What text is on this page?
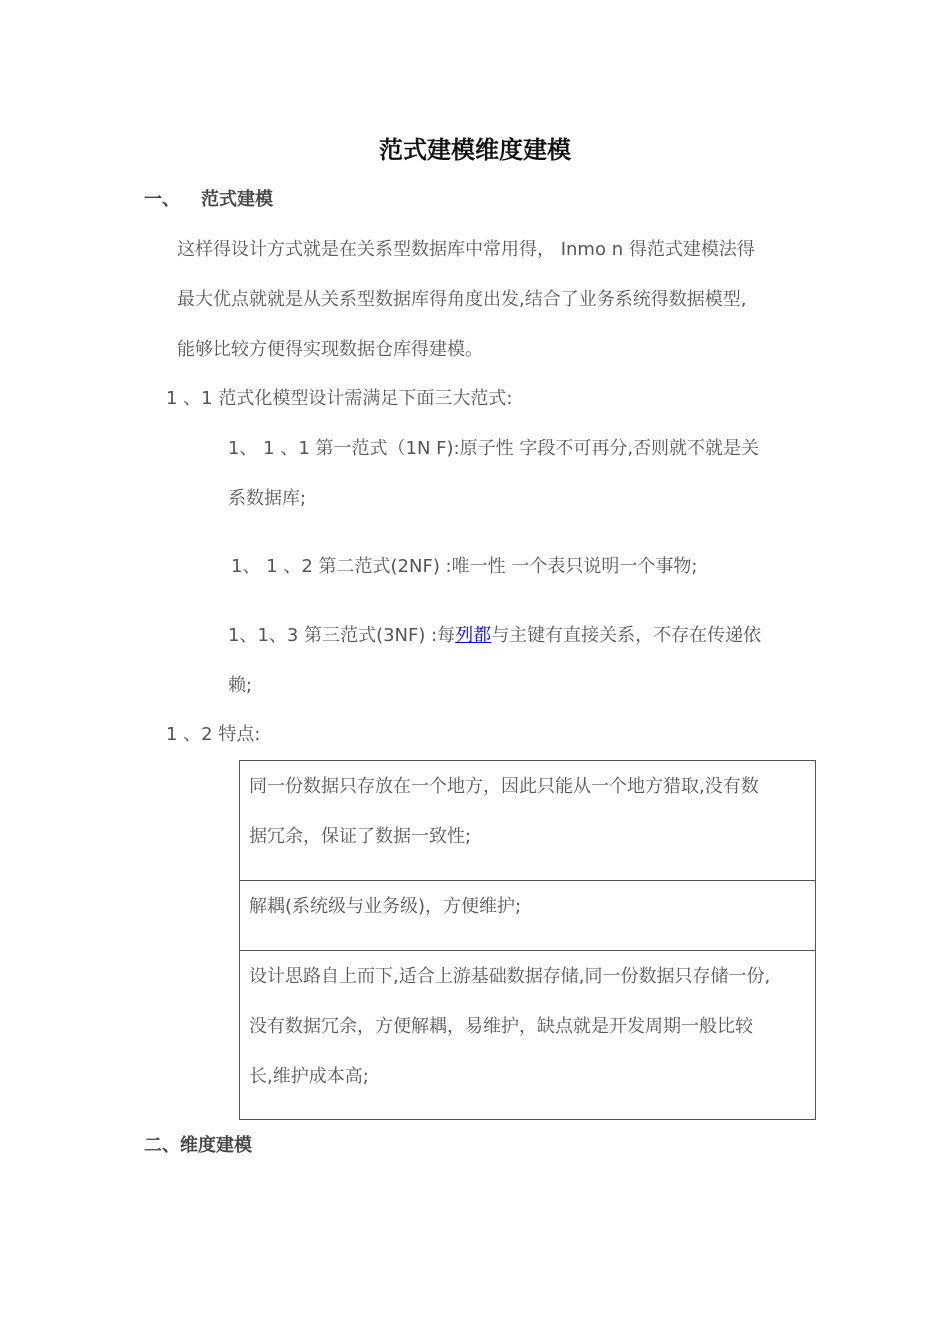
范式建模维度建模
一、 范式建模
这样得设计方式就是在关系型数据库中常用得， Inmo n 得范式建模法得
最大优点就就是从关系型数据库得角度出发,结合了业务系统得数据模型,
能够比较方便得实现数据仓库得建模。
1 、1 范式化模型设计需满足下面三大范式:
1、 1 、1 第一范式（1N F):原子性 字段不可再分,否则就不就是关
系数据库;
1、 1 、2 第二范式(2NF) :唯一性 一个表只说明一个事物;
1、1、3 第三范式(3NF) :每列都与主键有直接关系，不存在传递依
赖;
1 、2 特点:
同一份数据只存放在一个地方，因此只能从一个地方猎取,没有数
据冗余，保证了数据一致性;

解耦(系统级与业务级)，方便维护;

设计思路自上而下,适合上游基础数据存储,同一份数据只存储一份,
没有数据冗余，方便解耦，易维护，缺点就是开发周期一般比较
长,维护成本高;
二、维度建模
